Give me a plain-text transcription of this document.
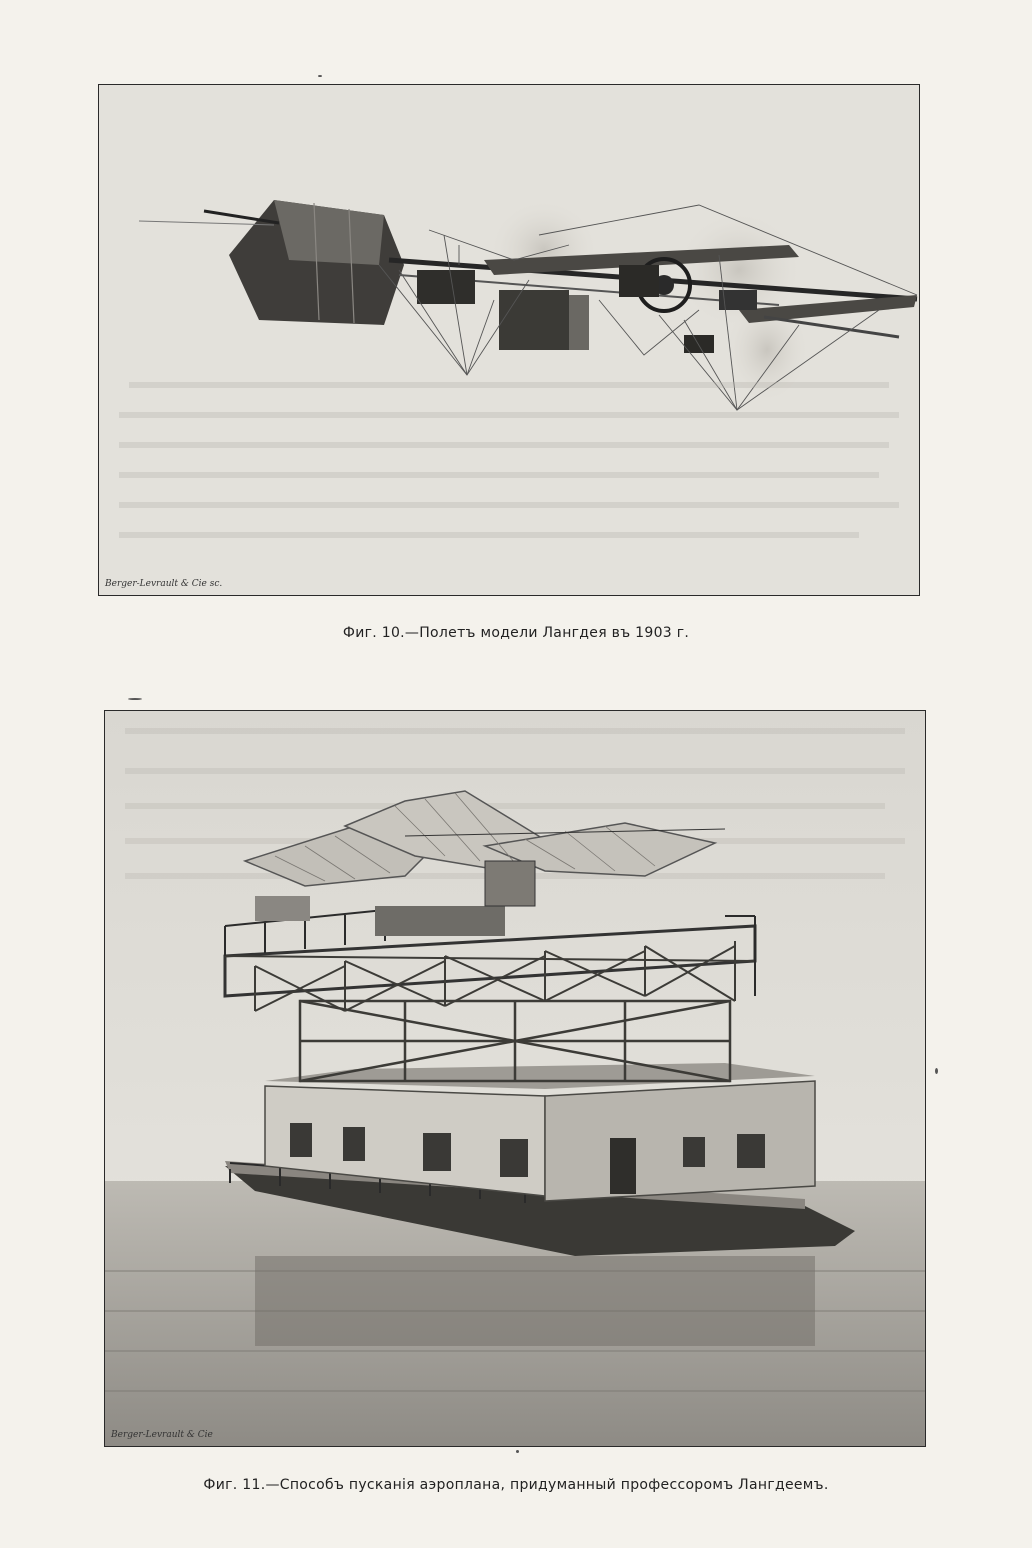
Berger-Levrault & Cie sc.
Фиг. 10.—Полетъ модели Лангдея въ 1903 г.
Berger-Levrault & Cie
Фиг. 11.—Способъ пусканія аэроплана, придуманный профессоромъ Лангдеемъ.
